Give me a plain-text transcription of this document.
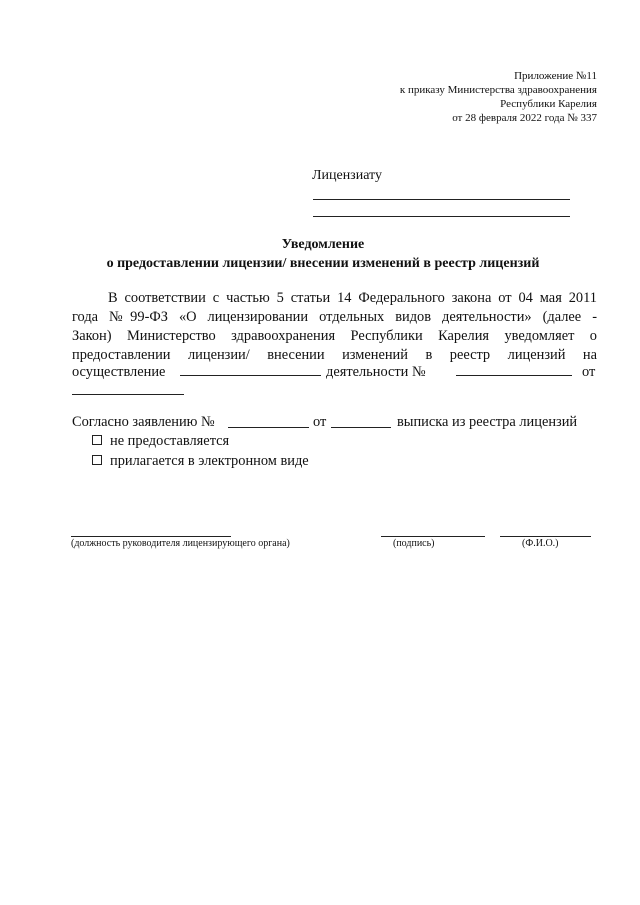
Приложение №11
к приказу Министерства здравоохранения
Республики Карелия
от 28 февраля 2022 года № 337
Лицензиату
Уведомление
о предоставлении лицензии/ внесении изменений в реестр лицензий
В соответствии с частью 5 статьи 14 Федерального закона от 04 мая 2011
года №99-ФЗ «О лицензировании отдельных видов деятельности» (далее -
Закон) Министерство здравоохранения Республики Карелия уведомляет о
предоставлении лицензии/ внесении изменений в реестр лицензий на
осуществление	деятельности №	от
Согласно заявлению №	от	выписка из реестра лицензий
не предоставляется
прилагается в электронном виде
(должность руководителя лицензирующего органа)	(подпись)	(Ф.И.О.)
